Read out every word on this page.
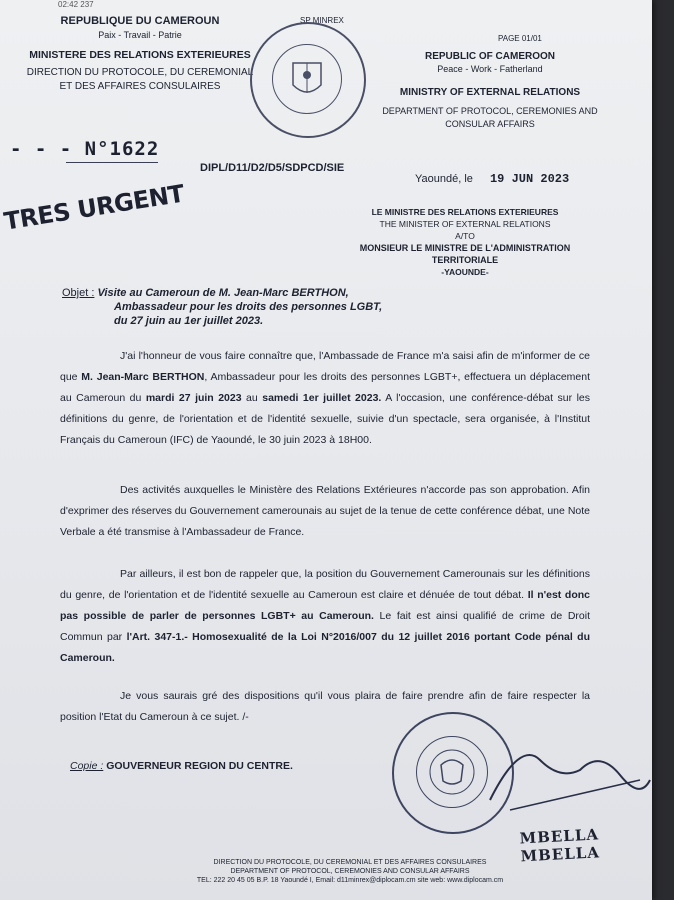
02:42 237
REPUBLIQUE DU CAMEROUN
Paix - Travail - Patrie
MINISTERE DES RELATIONS EXTERIEURES
DIRECTION DU PROTOCOLE, DU CEREMONIAL ET DES AFFAIRES CONSULAIRES
SP MINREX
PAGE 01/01
REPUBLIC OF CAMEROON
Peace - Work - Fatherland
MINISTRY OF EXTERNAL RELATIONS
DEPARTMENT OF PROTOCOL, CEREMONIES AND CONSULAR AFFAIRS
- - - N°1622
DIPL/D11/D2/D5/SDPCD/SIE
Yaoundé, le 19 JUN 2023
TRES URGENT	LE MINISTRE DES RELATIONS EXTERIEURES
THE MINISTER OF EXTERNAL RELATIONS
A/TO
MONSIEUR LE MINISTRE DE L'ADMINISTRATION
TERRITORIALE
-YAOUNDE-
Objet : Visite au Cameroun de M. Jean-Marc BERTHON,
Ambassadeur pour les droits des personnes LGBT,
du 27 juin au 1er juillet 2023.
J'ai l'honneur de vous faire connaître que, l'Ambassade de France m'a saisi afin de m'informer de ce que M. Jean-Marc BERTHON, Ambassadeur pour les droits des personnes LGBT+, effectuera un déplacement au Cameroun du mardi 27 juin 2023 au samedi 1er juillet 2023. A l'occasion, une conférence-débat sur les définitions du genre, de l'orientation et de l'identité sexuelle, suivie d'un spectacle, sera organisée, à l'Institut Français du Cameroun (IFC) de Yaoundé, le 30 juin 2023 à 18H00.
Des activités auxquelles le Ministère des Relations Extérieures n'accorde pas son approbation. Afin d'exprimer des réserves du Gouvernement camerounais au sujet de la tenue de cette conférence débat, une Note Verbale a été transmise à l'Ambassadeur de France.
Par ailleurs, il est bon de rappeler que, la position du Gouvernement Camerounais sur les définitions du genre, de l'orientation et de l'identité sexuelle au Cameroun est claire et dénuée de tout débat. Il n'est donc pas possible de parler de personnes LGBT+ au Cameroun. Le fait est ainsi qualifié de crime de Droit Commun par l'Art. 347-1.- Homosexualité de la Loi N°2016/007 du 12 juillet 2016 portant Code pénal du Cameroun.
Je vous saurais gré des dispositions qu'il vous plaira de faire prendre afin de faire respecter la position l'Etat du Cameroun à ce sujet. /-
Copie : GOUVERNEUR REGION DU CENTRE.
MBELLA MBELLA
DIRECTION DU PROTOCOLE, DU CEREMONIAL ET DES AFFAIRES CONSULAIRES
DEPARTMENT OF PROTOCOL, CEREMONIES AND CONSULAR AFFAIRS
TEL: 222 20 45 05 B.P. 18 Yaoundé I, Email: d11minrex@diplocam.cm site web: www.diplocam.cm
